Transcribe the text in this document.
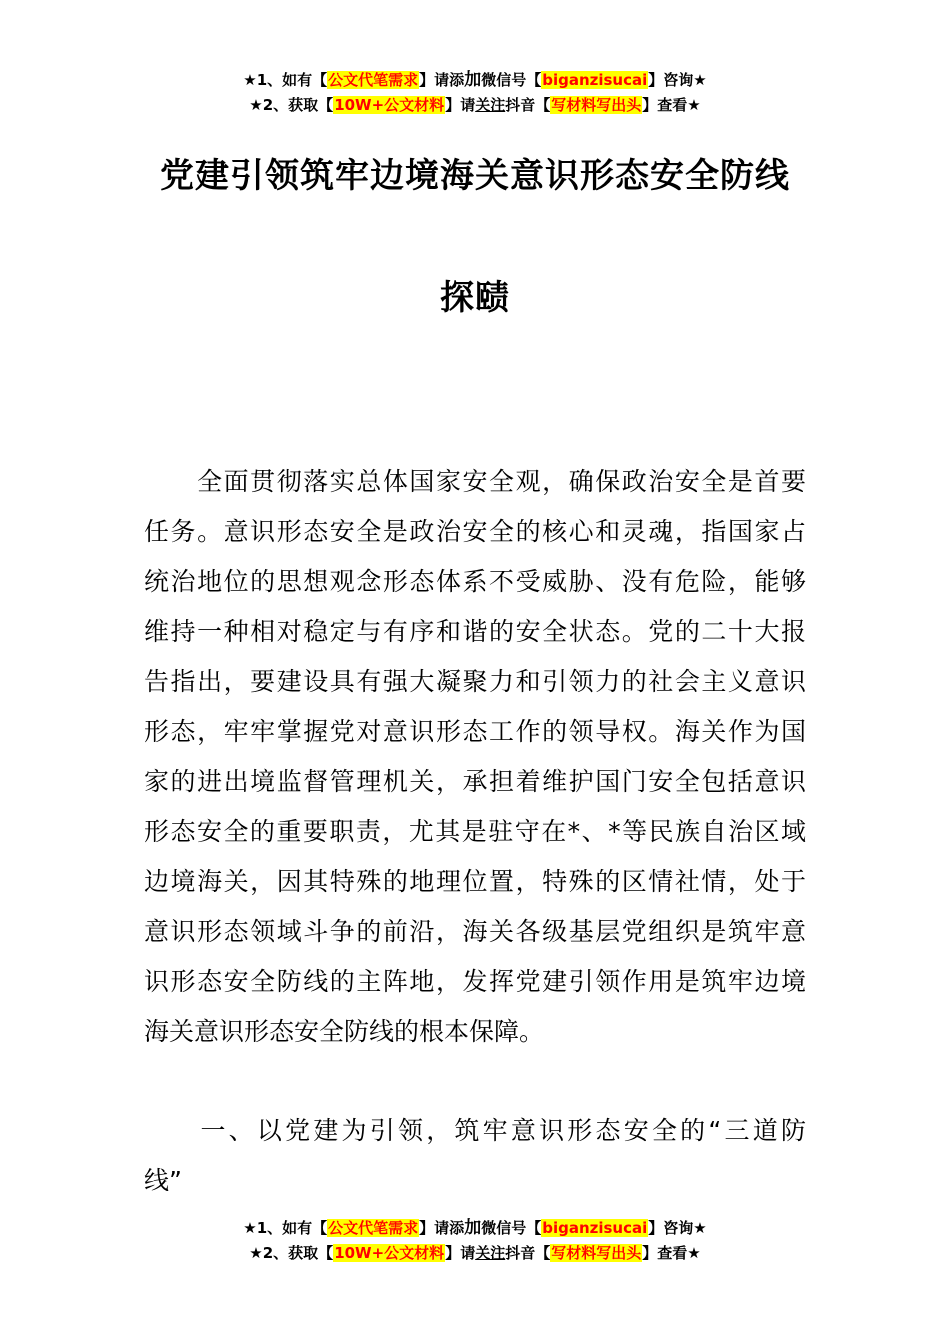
★1、如有【公文代笔需求】请添加微信号【biganzisucai】咨询★
★2、获取【10W+公文材料】请关注抖音【写材料写出头】查看★
党建引领筑牢边境海关意识形态安全防线
探赜
　　全面贯彻落实总体国家安全观，确保政治安全是首要
任务。意识形态安全是政治安全的核心和灵魂，指国家占
统治地位的思想观念形态体系不受威胁、没有危险，能够
维持一种相对稳定与有序和谐的安全状态。党的二十大报
告指出，要建设具有强大凝聚力和引领力的社会主义意识
形态，牢牢掌握党对意识形态工作的领导权。海关作为国
家的进出境监督管理机关，承担着维护国门安全包括意识
形态安全的重要职责，尤其是驻守在*、*等民族自治区域
边境海关，因其特殊的地理位置，特殊的区情社情，处于
意识形态领域斗争的前沿，海关各级基层党组织是筑牢意
识形态安全防线的主阵地，发挥党建引领作用是筑牢边境
海关意识形态安全防线的根本保障。
　　一、以党建为引领，筑牢意识形态安全的“三道防
线”
★1、如有【公文代笔需求】请添加微信号【biganzisucai】咨询★
★2、获取【10W+公文材料】请关注抖音【写材料写出头】查看★
